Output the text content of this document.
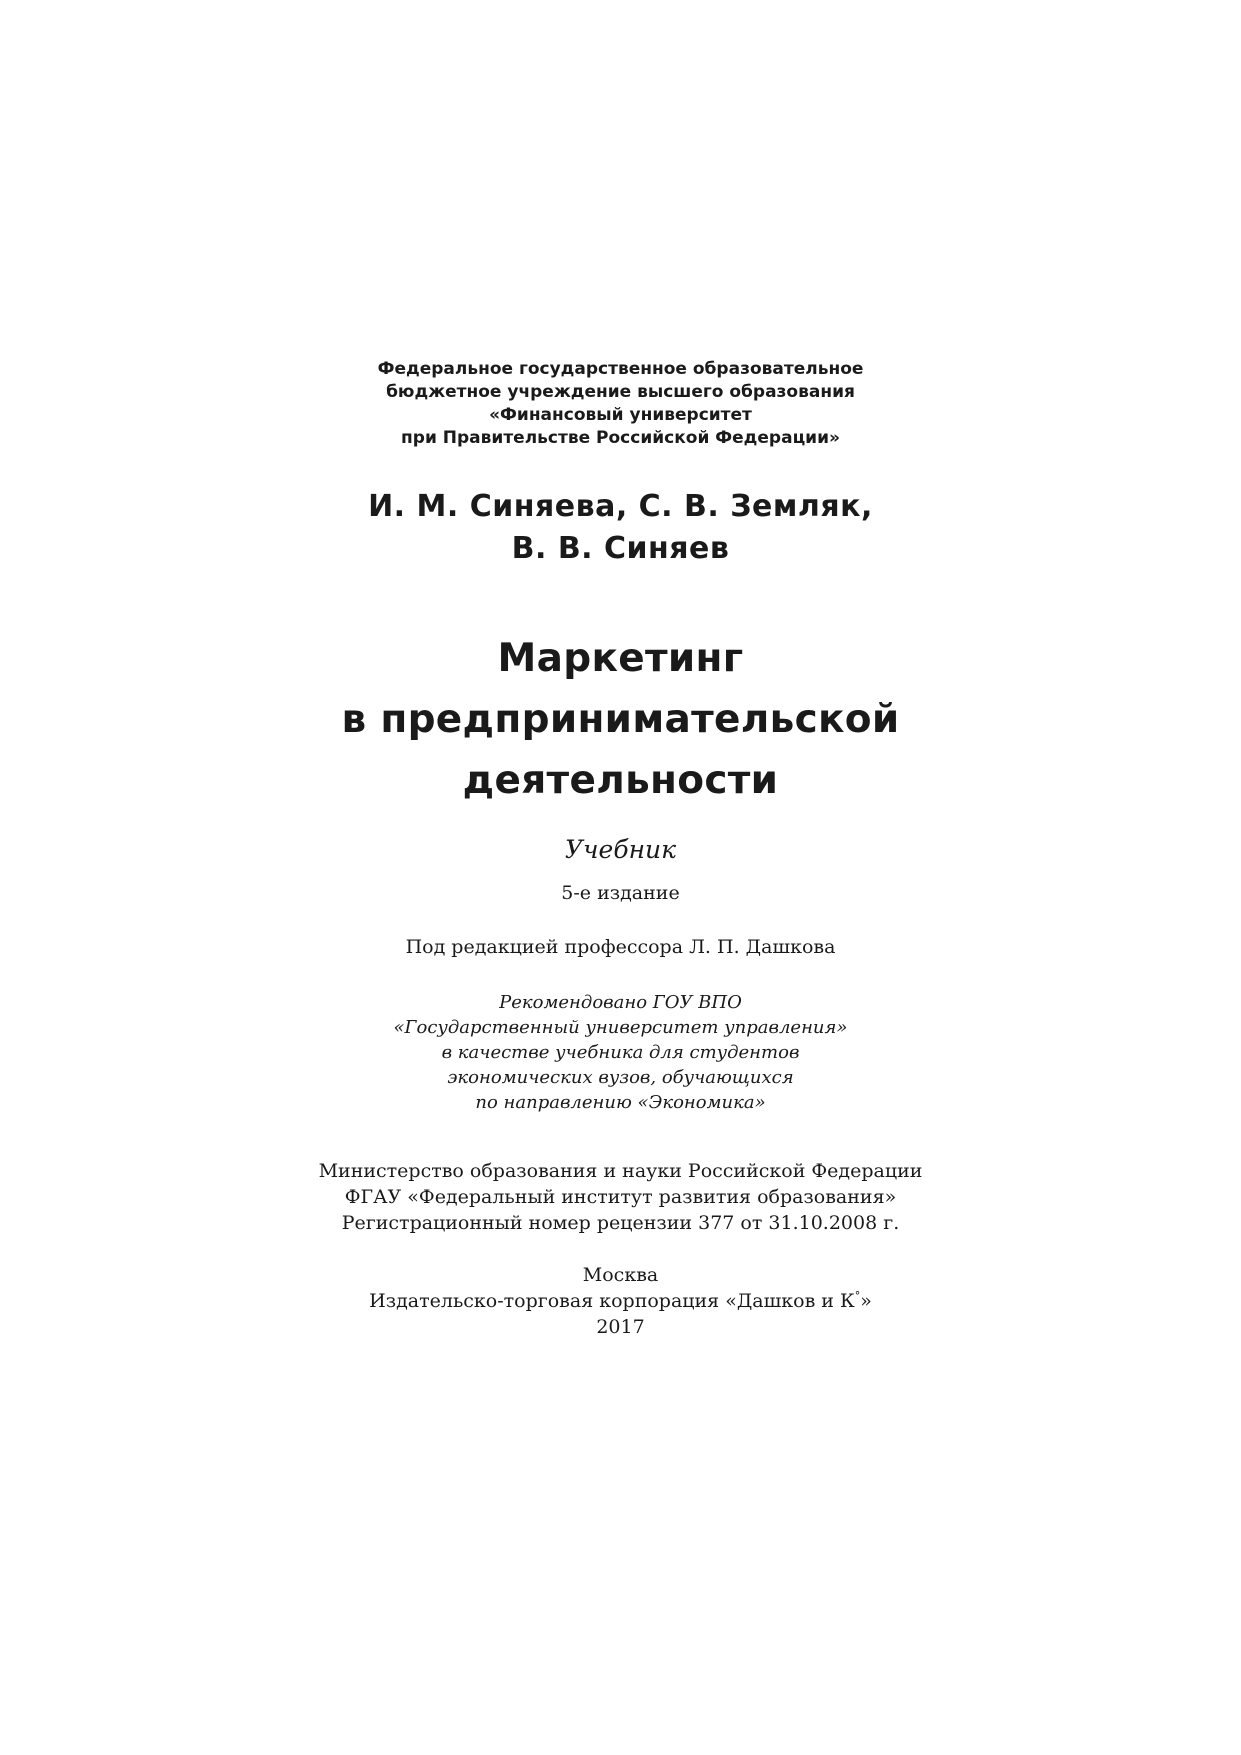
Федеральное государственное образовательное
бюджетное учреждение высшего образования
«Финансовый университет
при Правительстве Российской Федерации»
И. М. Синяева, С. В. Земляк,
В. В. Синяев
Маркетинг
в предпринимательской
деятельности
Учебник
5-е издание
Под редакцией профессора Л. П. Дашкова
Рекомендовано ГОУ ВПО
«Государственный университет управления»
в качестве учебника для студентов
экономических вузов, обучающихся
по направлению «Экономика»
Министерство образования и науки Российской Федерации
ФГАУ «Федеральный институт развития образования»
Регистрационный номер рецензии 377 от 31.10.2008 г.
Москва
Издательско-торговая корпорация «Дашков и К°»
2017
